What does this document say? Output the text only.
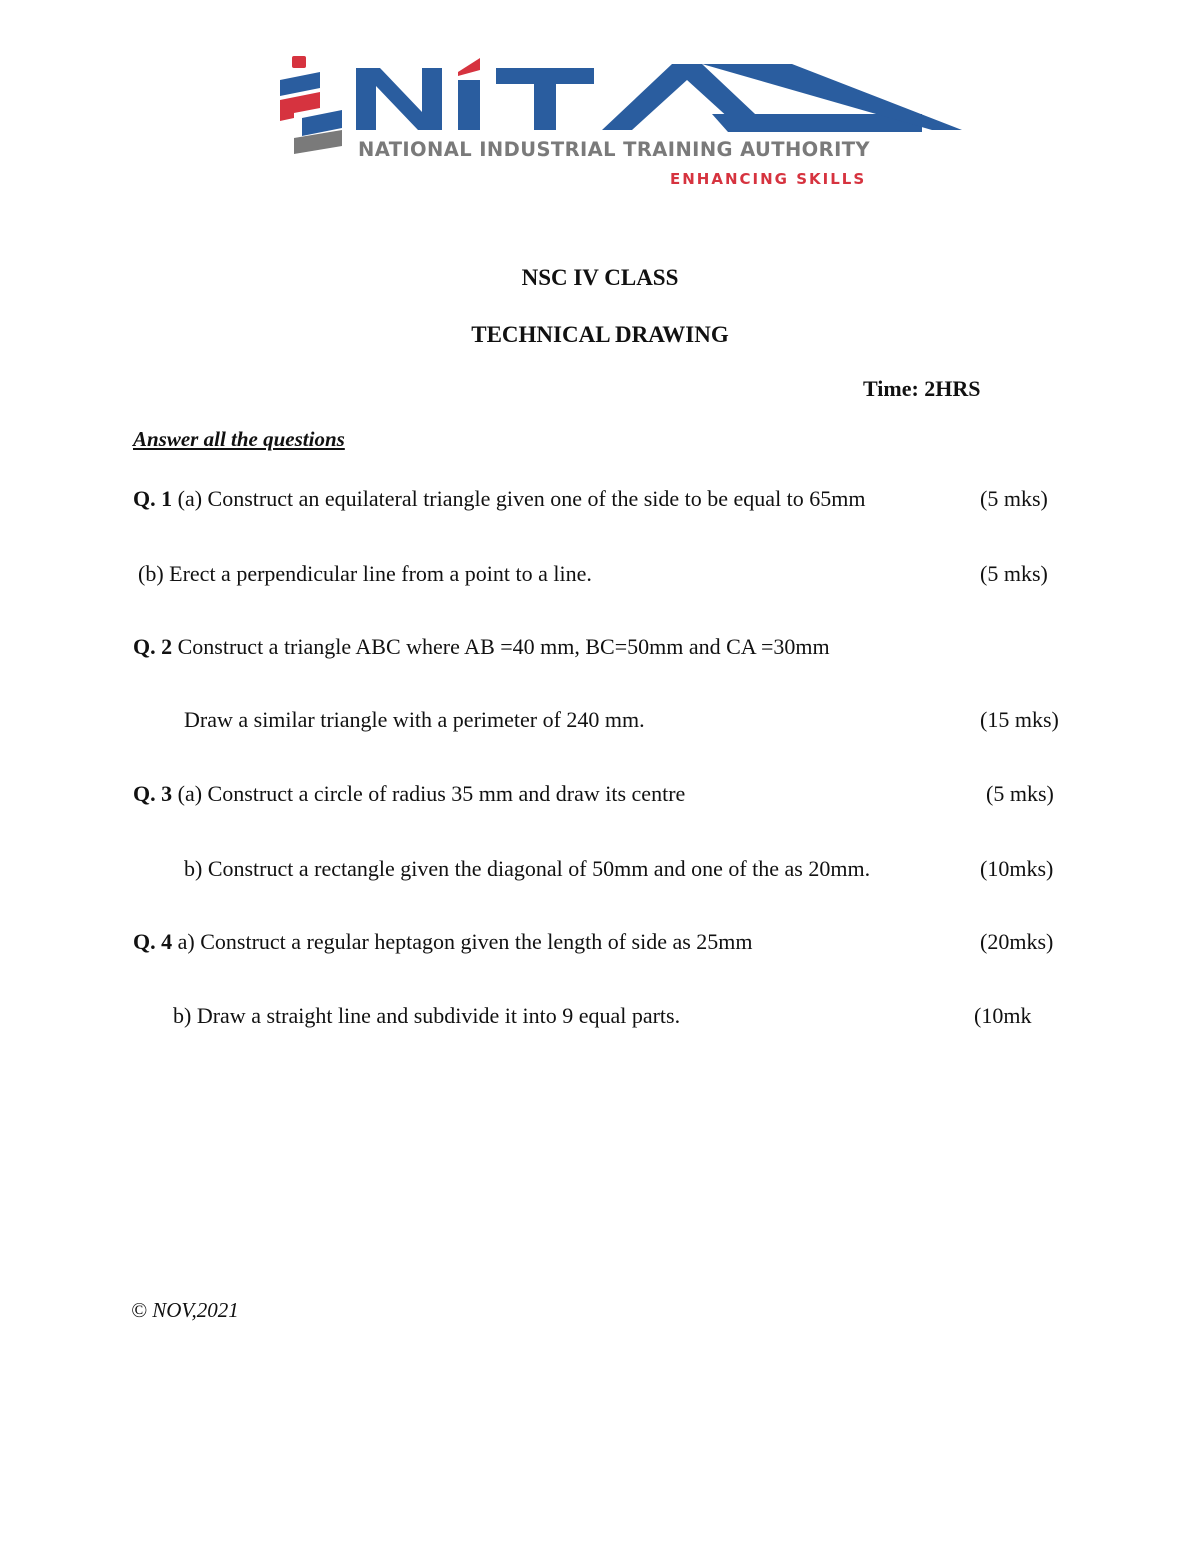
NATIONAL INDUSTRIAL TRAINING AUTHORITY
ENHANCING SKILLS
NSC IV CLASS
TECHNICAL DRAWING
Time: 2HRS
Answer all the questions
Q. 1 (a) Construct an equilateral triangle given one of the side to be equal to 65mm	(5 mks)
(b) Erect a perpendicular line from a point to a line.	(5 mks)
Q. 2 Construct a triangle ABC where AB =40 mm, BC=50mm and CA =30mm
Draw a similar triangle with a perimeter of 240 mm.	(15 mks)
Q. 3 (a) Construct a circle of radius 35 mm and draw its centre	(5 mks)
b) Construct a rectangle given the diagonal of 50mm and one of the as 20mm.	(10mks)
Q. 4 a) Construct a regular heptagon given the length of side as 25mm	(20mks)
b) Draw a straight line and subdivide it into 9 equal parts.	(10mk
© NOV,2021
